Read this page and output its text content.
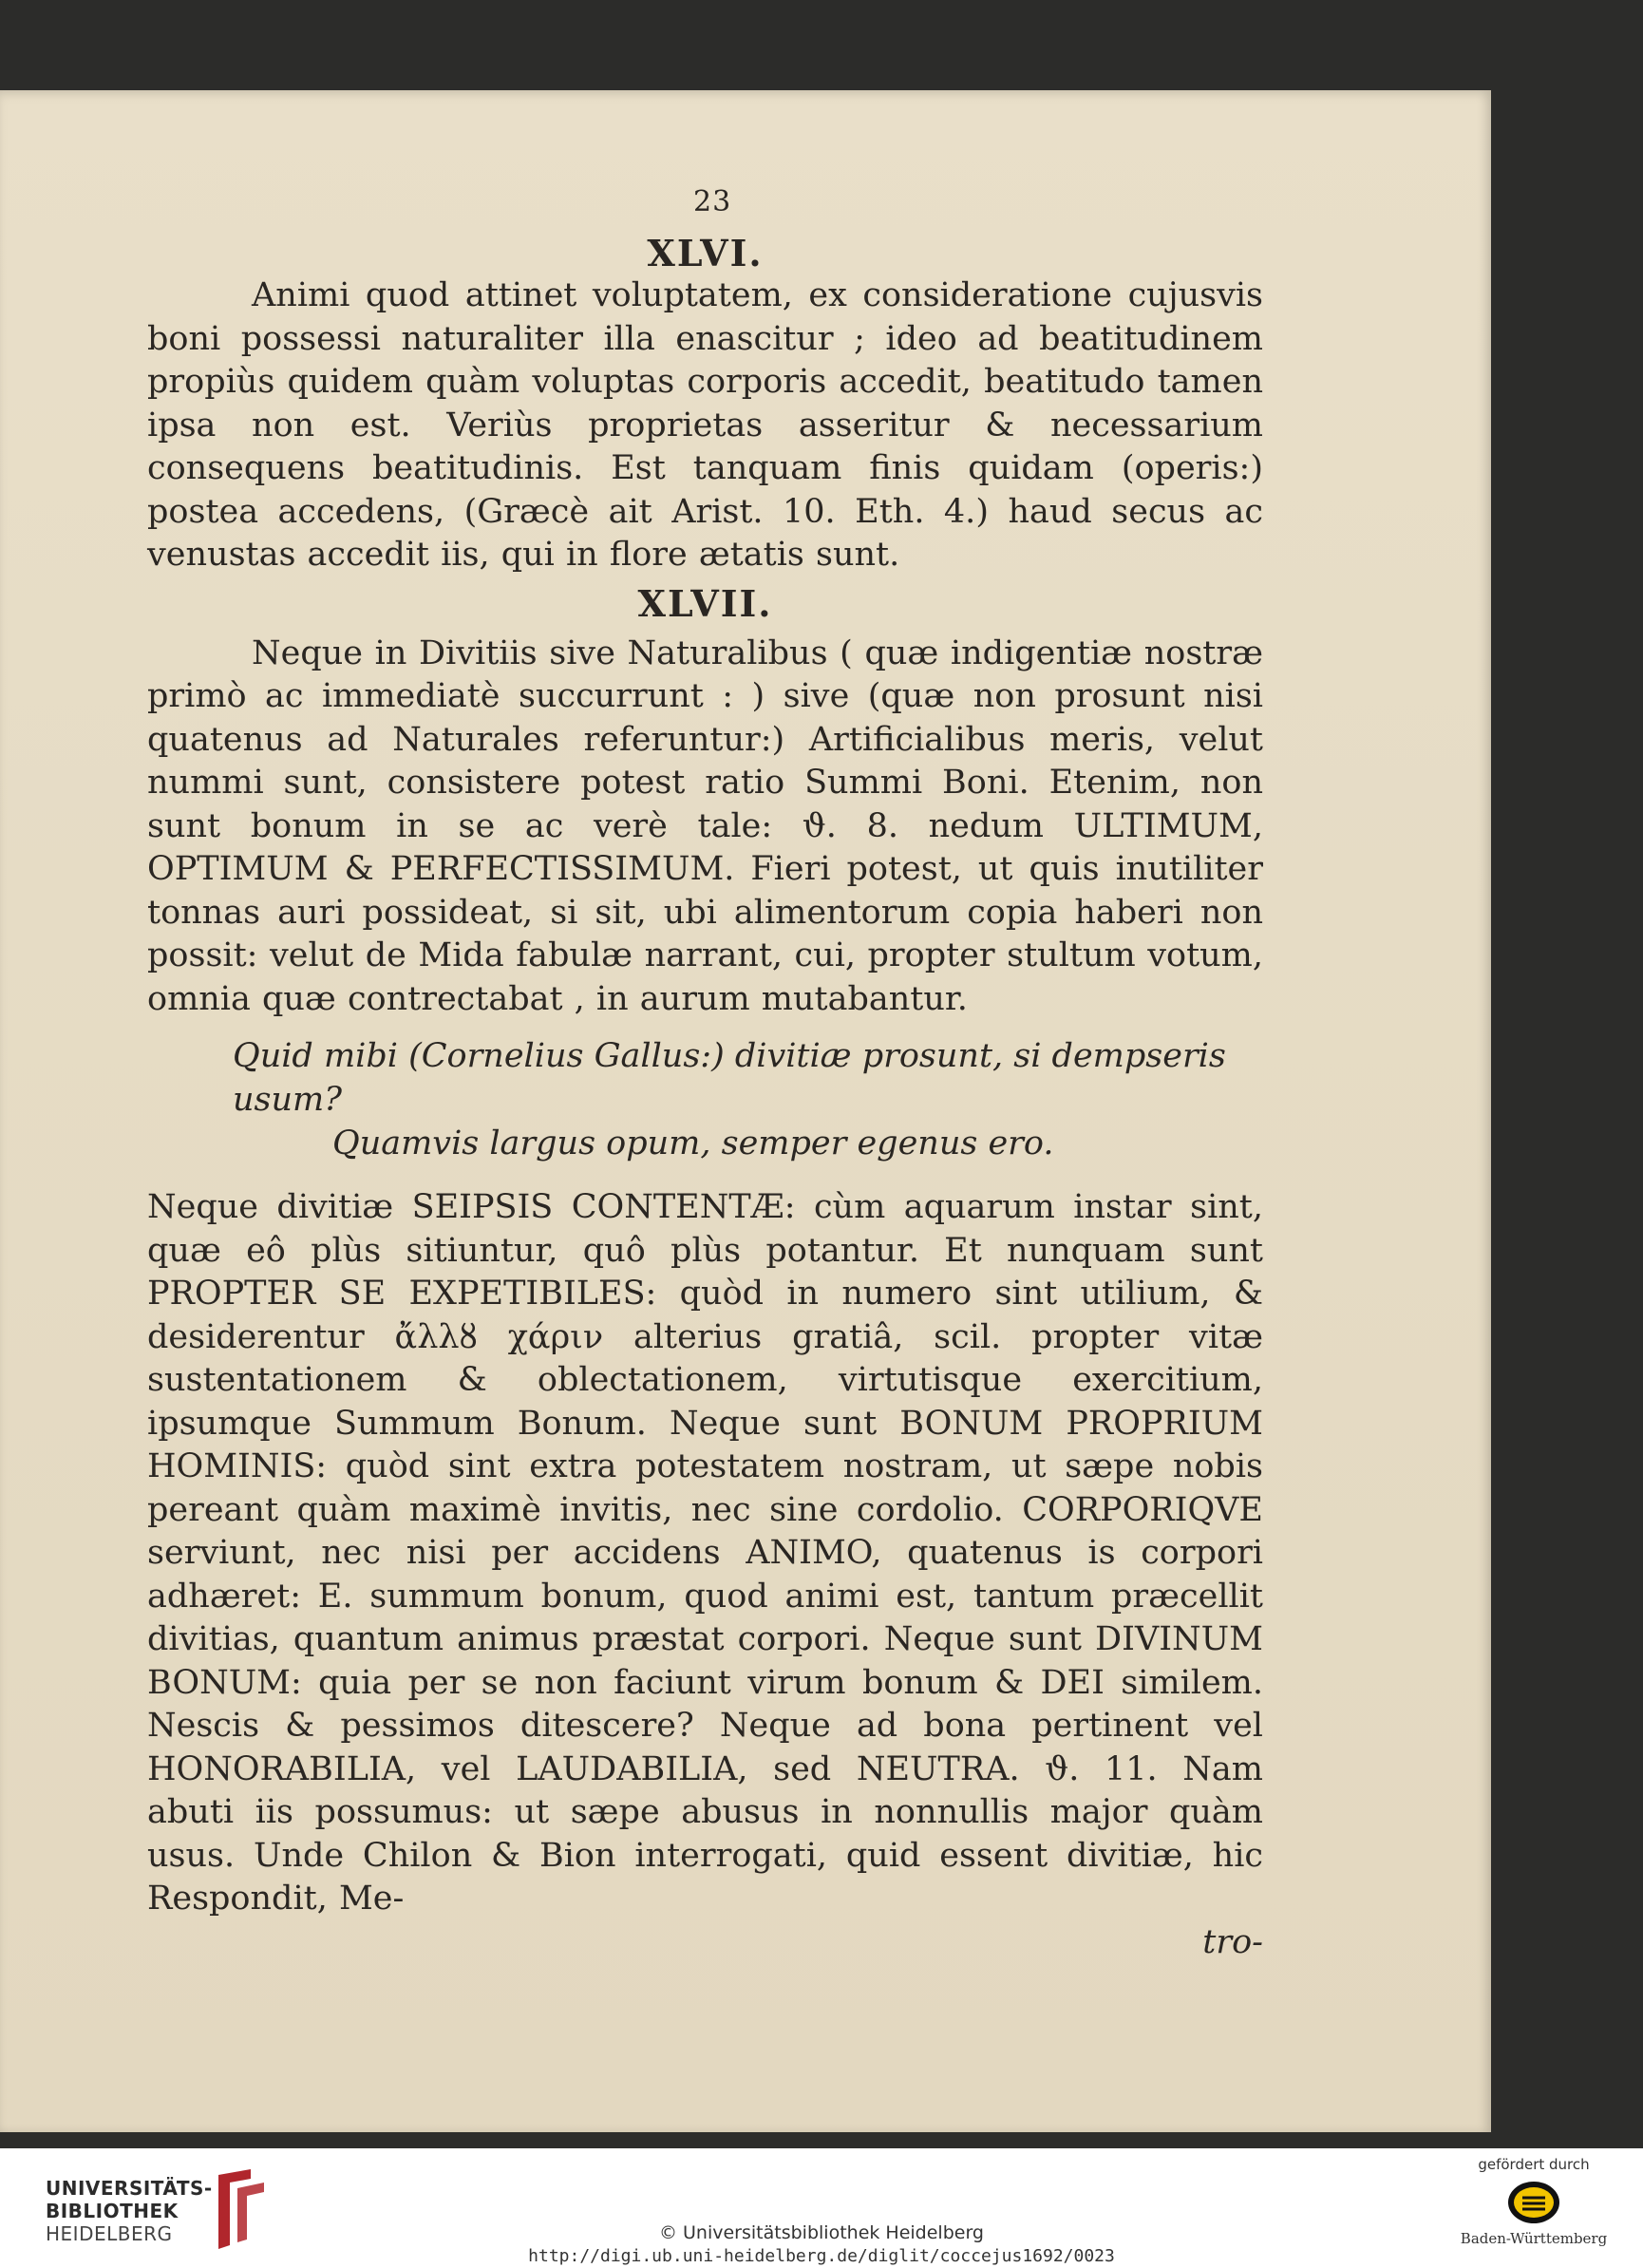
23
XLVI.

Animi quod attinet voluptatem, ex consideratione cujusvis boni possessi naturaliter illa enascitur ; ideo ad beatitudinem propiùs quidem quàm voluptas corporis accedit, beatitudo tamen ipsa non est. Veriùs proprietas asseritur & necessarium consequens beatitudinis. Est tanquam finis quidam (operis:) postea accedens, (Græcè ait Arist. 10. Eth. 4.) haud secus ac venustas accedit iis, qui in flore ætatis sunt.

XLVII.

Neque in Divitiis sive Naturalibus ( quæ indigentiæ nostræ primò ac immediatè succurrunt : ) sive (quæ non prosunt nisi quatenus ad Naturales referuntur:) Artificialibus meris, velut nummi sunt, consistere potest ratio Summi Boni. Etenim, non sunt bonum in se ac verè tale: ϑ. 8. nedum ULTIMUM, OPTIMUM & PERFECTISSIMUM. Fieri potest, ut quis inutiliter tonnas auri possideat, si sit, ubi alimentorum copia haberi non possit: velut de Mida fabulæ narrant, cui, propter stultum votum, omnia quæ contrectabat , in aurum mutabantur.

Quid mibi (Cornelius Gallus:) divitiæ prosunt, si dempseris usum?
Quamvis largus opum, semper egenus ero.

Neque divitiæ SEIPSIS CONTENTÆ: cùm aquarum instar sint, quæ eô plùs sitiuntur, quô plùs potantur. Et nunquam sunt PROPTER SE EXPETIBILES: quòd in numero sint utilium, & desiderentur ἄλλȣ χάριν alterius gratiâ, scil. propter vitæ sustentationem & oblectationem, virtutisque exercitium, ipsumque Summum Bonum. Neque sunt BONUM PROPRIUM HOMINIS: quòd sint extra potestatem nostram, ut sæpe nobis pereant quàm maximè invitis, nec sine cordolio. CORPORIQVE serviunt, nec nisi per accidens ANIMO, quatenus is corpori adhæret: E. summum bonum, quod animi est, tantum præcellit divitias, quantum animus præstat corpori. Neque sunt DIVINUM BONUM: quia per se non faciunt virum bonum & DEI similem. Nescis & pessimos ditescere? Neque ad bona pertinent vel HONORABILIA, vel LAUDABILIA, sed NEUTRA. ϑ. 11. Nam abuti iis possumus: ut sæpe abusus in nonnullis major quàm usus. Unde Chilon & Bion interrogati, quid essent divitiæ, hic Respondit, Me-

tro-

UNIVERSITÄTS-
BIBLIOTHEK
HEIDELBERG	© Universitätsbibliothek Heidelberg
http://digi.ub.uni-heidelberg.de/diglit/coccejus1692/0023
gefördert durch
Baden-Württemberg
